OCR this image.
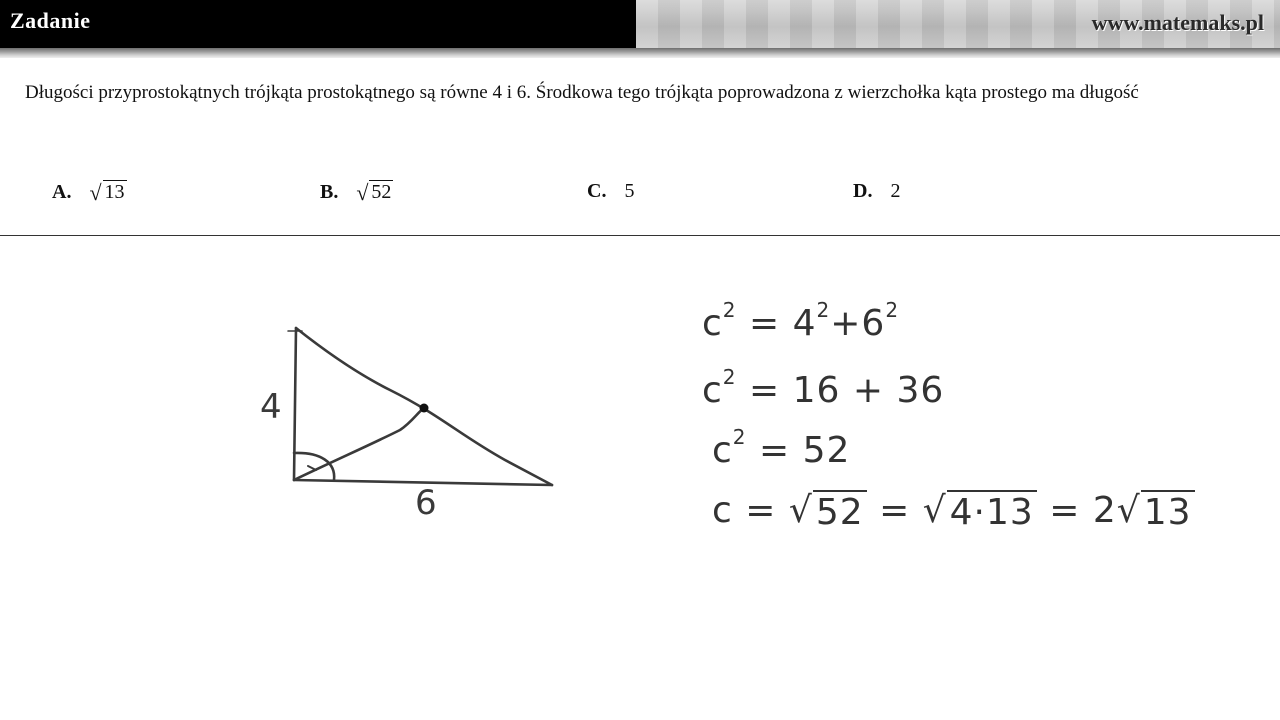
Zadanie	www.matemaks.pl
Długości przyprostokątnych trójkąta prostokątnego są równe 4 i 6. Środkowa tego trójkąta poprowadzona z wierzchołka kąta prostego ma długość
A. √ 13	B. √ 52	C. 5	D. 2
4
6
$c^2 = 4^2+6^2$
$c^2 = 16 + 36$
$c^2 = 52$
c = √ 52 = √ 4·13 = 2 √ 13
